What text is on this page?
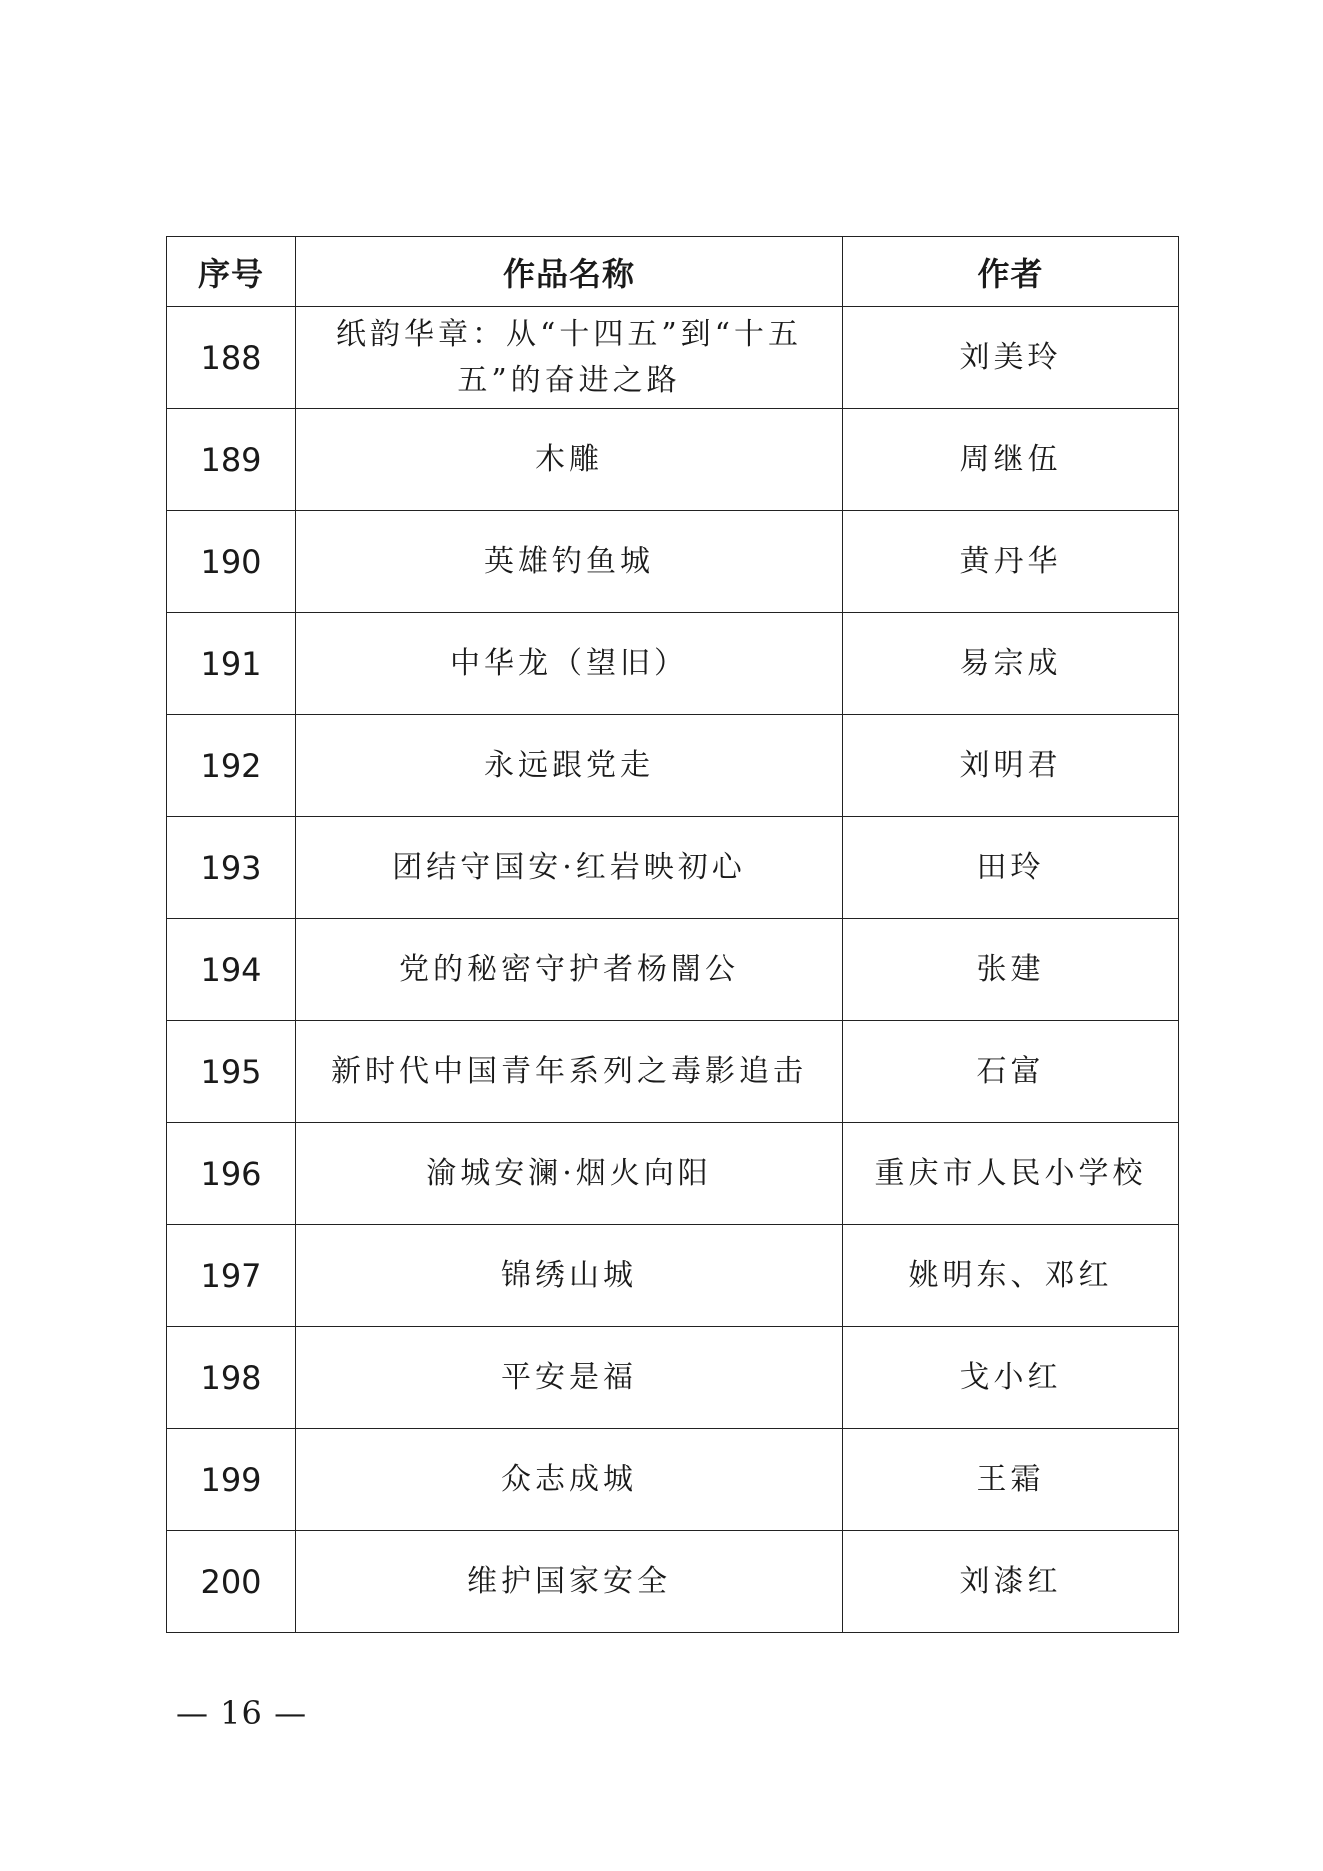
序号	作品名称	作者
188	纸韵华章：从“十四五”到“十五五”的奋进之路	刘美玲
189	木雕	周继伍
190	英雄钓鱼城	黄丹华
191	中华龙（望旧）	易宗成
192	永远跟党走	刘明君
193	团结守国安·红岩映初心	田玲
194	党的秘密守护者杨闇公	张建
195	新时代中国青年系列之毒影追击	石富
196	渝城安澜·烟火向阳	重庆市人民小学校
197	锦绣山城	姚明东、邓红
198	平安是福	戈小红
199	众志成城	王霜
200	维护国家安全	刘漆红
— 16 —
